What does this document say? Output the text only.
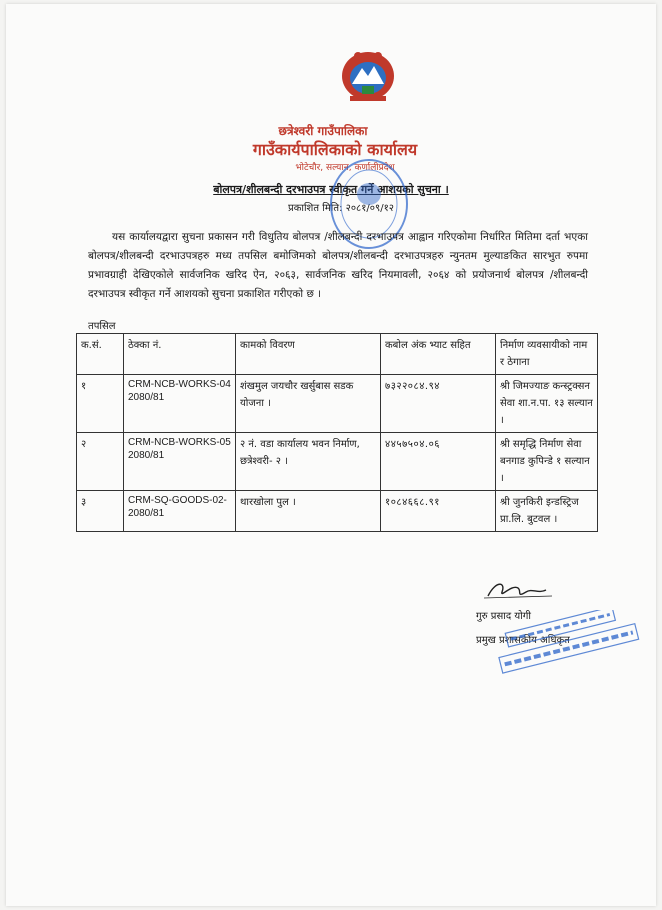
छत्रेश्वरी गाउँपालिका
गाउँकार्यपालिकाको कार्यालय
भोटेचौर, सल्यान, कर्णालीप्रदेश
बोलपत्र/शीलबन्दी दरभाउपत्र स्वीकृत गर्ने आशयको सुचना ।
प्रकाशित मिति: २०८१/०९/१२
यस कार्यालयद्वारा सुचना प्रकासन गरी विधुतिय बोलपत्र /शीलबन्दी दरभाउपत्र आह्वान गरिएकोमा निर्धारित मितिमा दर्ता भएका बोलपत्र/शीलबन्दी दरभाउपत्रहरु मध्य तपसिल बमोजिमको बोलपत्र/शीलबन्दी दरभाउपत्रहरु न्युनतम मुल्याङकित सारभुत रुपमा प्रभावग्राही देखिएकोले सार्वजनिक खरिद ऐन, २०६३, सार्वजनिक खरिद नियमावली, २०६४ को प्रयोजनार्थ बोलपत्र /शीलबन्दी दरभाउपत्र स्वीकृत गर्ने आशयको सुचना प्रकाशित गरीएको छ ।
तपसिल
क.सं.	ठेक्का नं.	कामको विवरण	कबोल अंक भ्याट सहित	निर्माण व्यवसायीको नाम र ठेगाना
१	CRM-NCB-WORKS-04 2080/81	शंखमुल जयचौर खर्सुबास सडक योजना ।	७३२२०८४.९४	श्री जिमज्याङ कन्स्ट्रक्सन सेवा शा.न.पा. १३ सल्यान ।
२	CRM-NCB-WORKS-05 2080/81	२ नं. वडा कार्यालय भवन निर्माण, छत्रेश्वरी- २ ।	४४५७५०४.०६	श्री समृद्धि निर्माण सेवा बनगाड कुपिन्डे १ सल्यान ।
३	CRM-SQ-GOODS-02-2080/81	थारखोला पुल ।	१०८४६६८.९१	श्री जुनकिरी इन्डस्ट्रिज प्रा.लि. बुटवल ।
गुरु प्रसाद योगी
प्रमुख प्रशासकीय अधिकृत
